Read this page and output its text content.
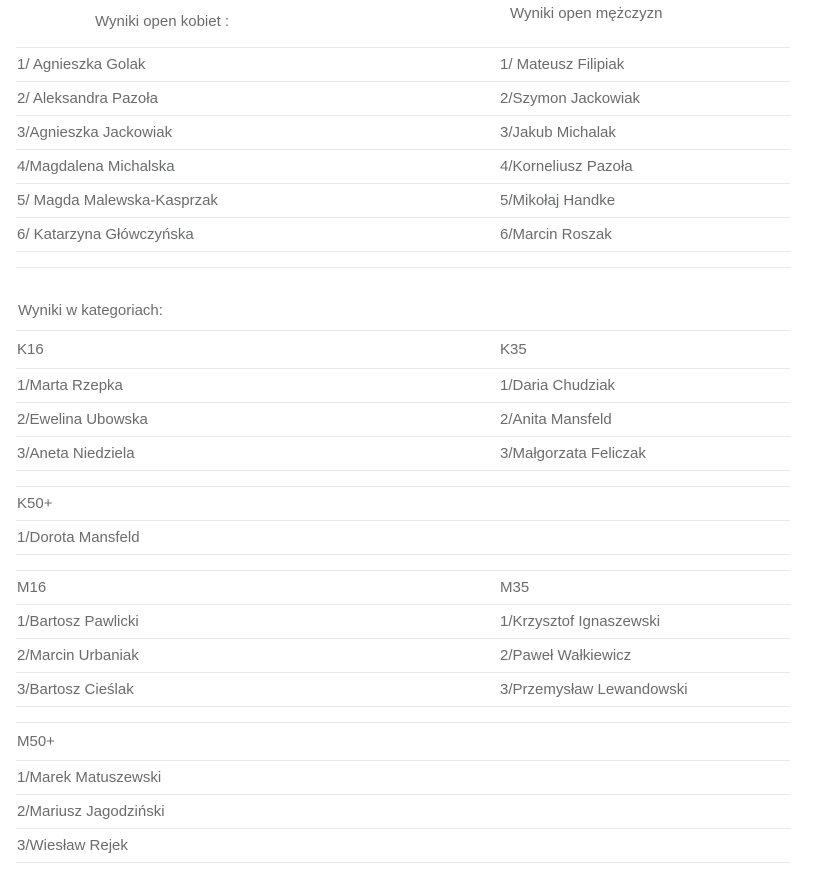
Wyniki open kobiet :	Wyniki open mężczyzn
1/ Agnieszka Golak	1/ Mateusz Filipiak
2/ Aleksandra Pazoła	2/Szymon Jackowiak
3/Agnieszka Jackowiak	3/Jakub Michalak
4/Magdalena Michalska	4/Korneliusz Pazoła
5/ Magda Malewska-Kasprzak	5/Mikołaj Handke
6/ Katarzyna Główczyńska	6/Marcin Roszak

Wyniki w kategoriach:

K16	K35
1/Marta Rzepka	1/Daria Chudziak
2/Ewelina Ubowska	2/Anita Mansfeld
3/Aneta Niedziela	3/Małgorzata Feliczak
K50+
1/Dorota Mansfeld
M16	M35
1/Bartosz Pawlicki	1/Krzysztof Ignaszewski
2/Marcin Urbaniak	2/Paweł Wałkiewicz
3/Bartosz Cieślak	3/Przemysław Lewandowski
M50+
1/Marek Matuszewski
2/Mariusz Jagodziński
3/Wiesław Rejek
